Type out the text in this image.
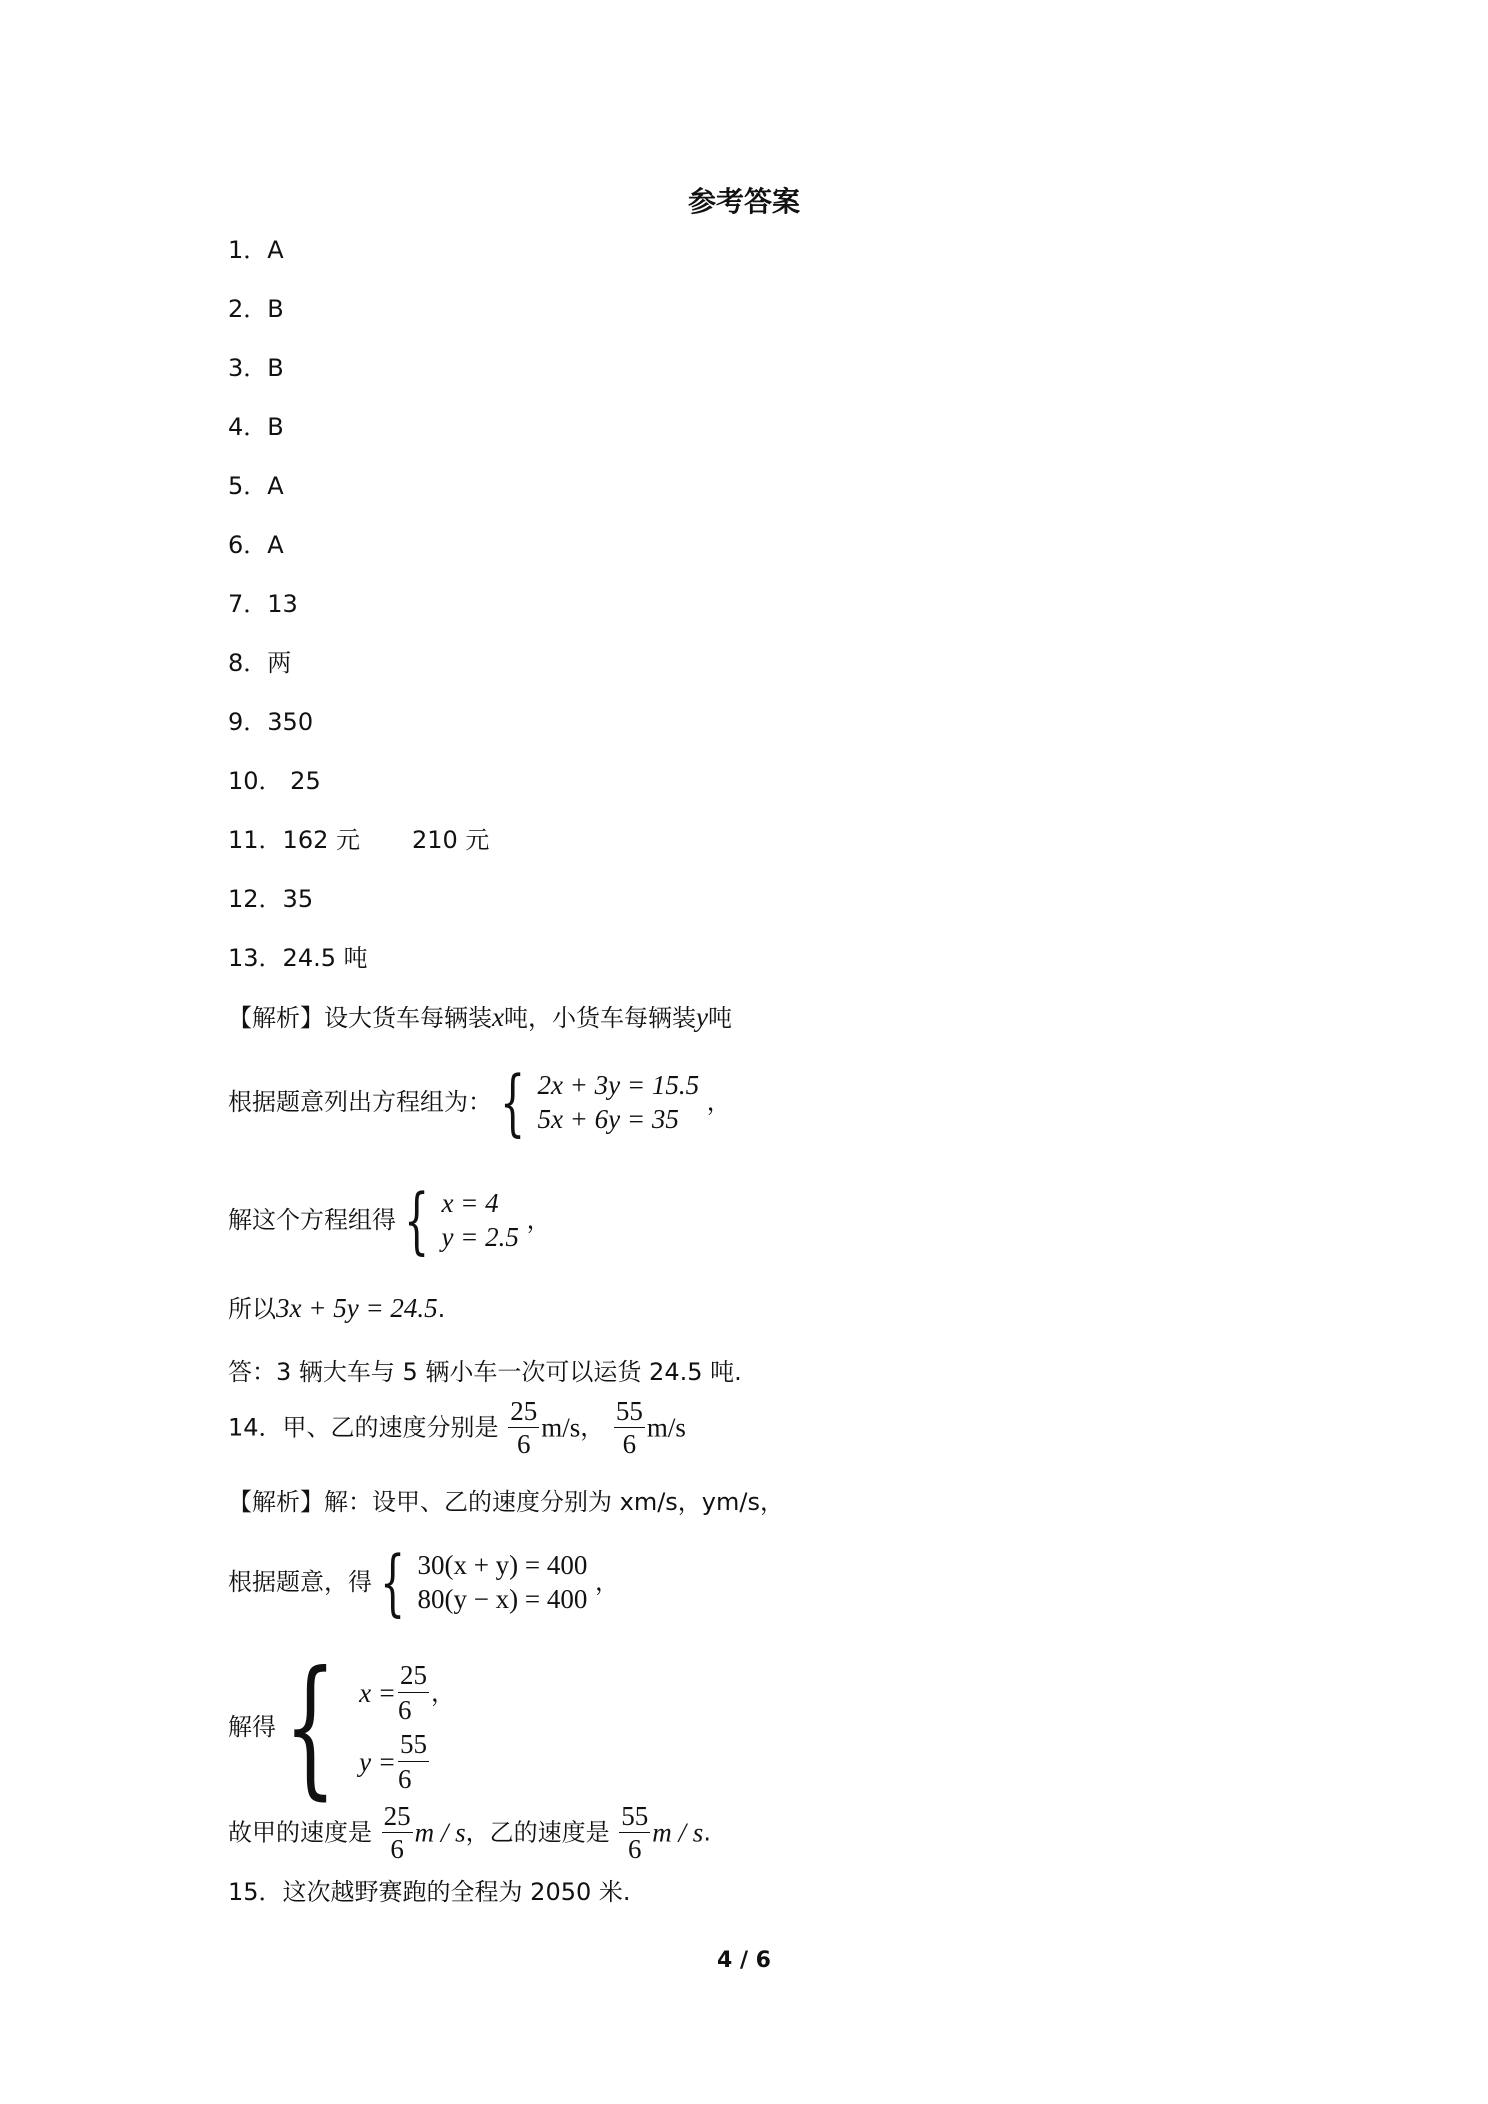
参考答案
1．A
2．B
3．B
4．B
5．A
6．A
7．13
8．两
9．350
10． 25
11．162 元 210 元
12．35
13．24.5 吨
【解析】设大货车每辆装x吨，小货车每辆装y吨
根据题意列出方程组为： { 2x + 3y = 15.5
5x + 6y = 35
，
解这个方程组得 { x = 4
y = 2.5
，
所以3x + 5y = 24.5.
答：3 辆大车与 5 辆小车一次可以运货 24.5 吨.
14．甲、乙的速度分别是 $\frac{25}{6} m/s$， $\frac{55}{6} m/s$
【解析】解：设甲、乙的速度分别为 xm/s，ym/s，
根据题意，得 { 30(x + y) = 400
80(y − x) = 400
，
解得 { $x = \frac{25}{6}$ ，
$y = \frac{55}{6}$
故甲的速度是 $\frac{25}{6}$ m / s，乙的速度是 $\frac{55}{6}$ m / s.
15．这次越野赛跑的全程为 2050 米.
4 / 6
